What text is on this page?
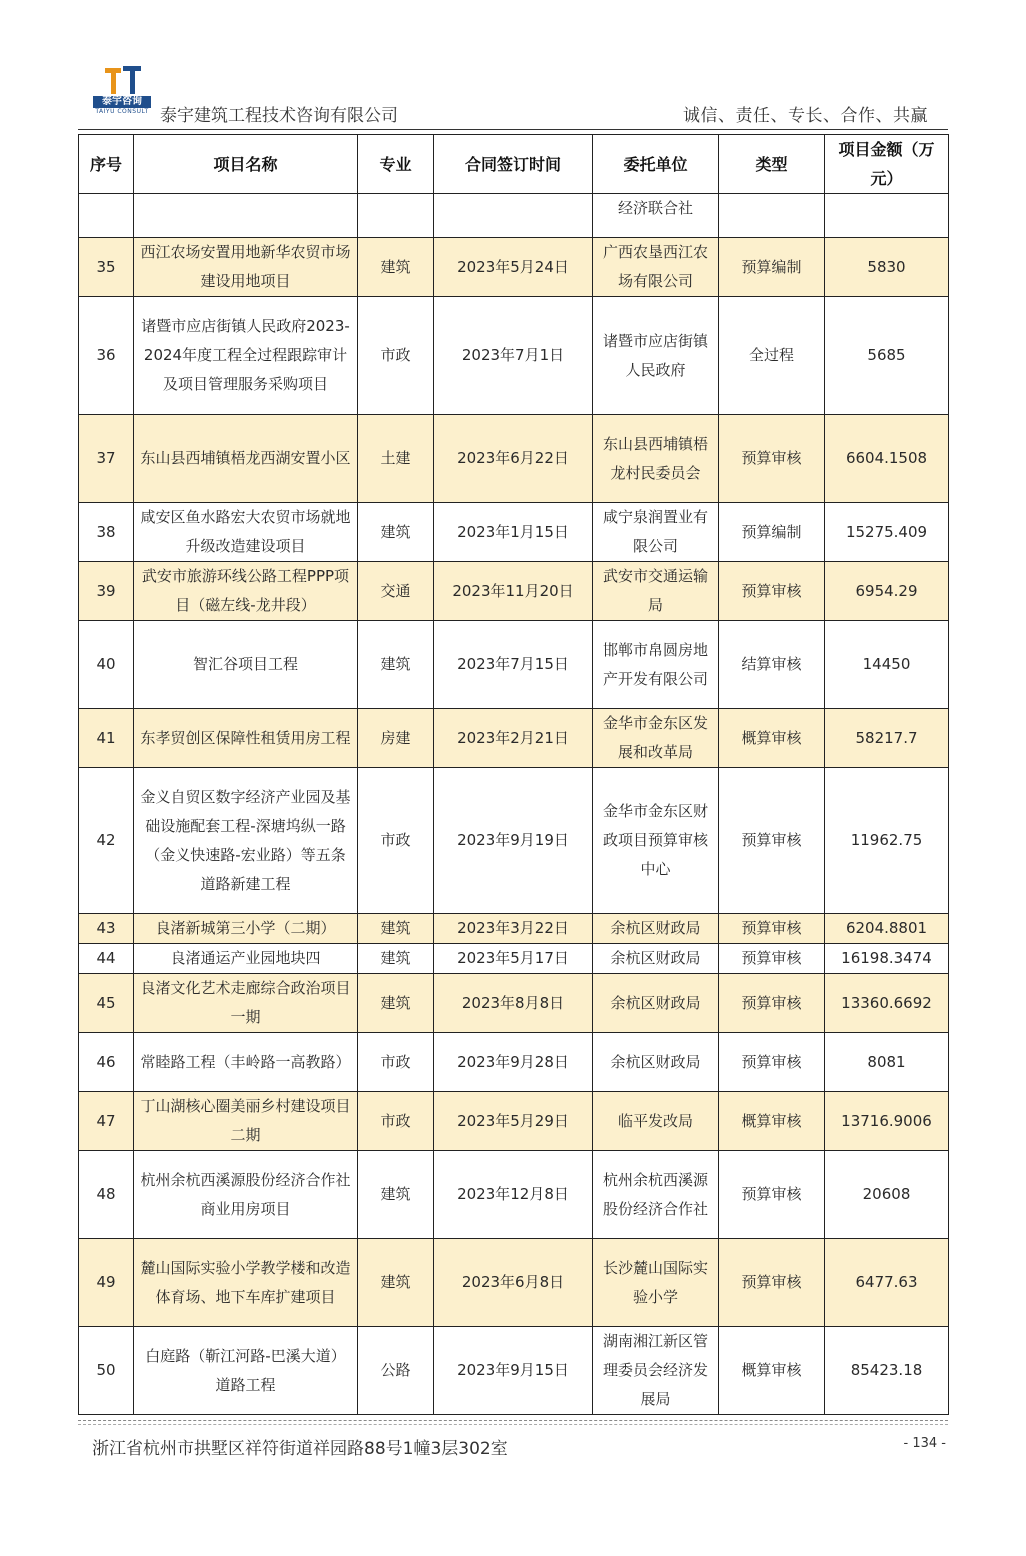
泰宇咨询
TAIYU CONSULT 泰宇建筑工程技术咨询有限公司	诚信、责任、专长、合作、共赢
序号	项目名称	专业	合同签订时间	委托单位	类型	项目金额（万元）
				经济联合社		
35	西江农场安置用地新华农贸市场建设用地项目	建筑	2023年5月24日	广西农垦西江农场有限公司	预算编制	5830
36	诸暨市应店街镇人民政府2023-2024年度工程全过程跟踪审计及项目管理服务采购项目	市政	2023年7月1日	诸暨市应店街镇人民政府	全过程	5685
37	东山县西埔镇梧龙西湖安置小区	土建	2023年6月22日	东山县西埔镇梧龙村民委员会	预算审核	6604.1508
38	咸安区鱼水路宏大农贸市场就地升级改造建设项目	建筑	2023年1月15日	咸宁泉润置业有限公司	预算编制	15275.409
39	武安市旅游环线公路工程PPP项目（磁左线-龙井段）	交通	2023年11月20日	武安市交通运输局	预算审核	6954.29
40	智汇谷项目工程	建筑	2023年7月15日	邯郸市帛圆房地产开发有限公司	结算审核	14450
41	东孝贸创区保障性租赁用房工程	房建	2023年2月21日	金华市金东区发展和改革局	概算审核	58217.7
42	金义自贸区数字经济产业园及基础设施配套工程-深塘坞纵一路（金义快速路-宏业路）等五条道路新建工程	市政	2023年9月19日	金华市金东区财政项目预算审核中心	预算审核	11962.75
43	良渚新城第三小学（二期）	建筑	2023年3月22日	余杭区财政局	预算审核	6204.8801
44	良渚通运产业园地块四	建筑	2023年5月17日	余杭区财政局	预算审核	16198.3474
45	良渚文化艺术走廊综合政治项目一期	建筑	2023年8月8日	余杭区财政局	预算审核	13360.6692
46	常睦路工程（丰岭路一高教路）	市政	2023年9月28日	余杭区财政局	预算审核	8081
47	丁山湖核心圈美丽乡村建设项目二期	市政	2023年5月29日	临平发改局	概算审核	13716.9006
48	杭州余杭西溪源股份经济合作社商业用房项目	建筑	2023年12月8日	杭州余杭西溪源股份经济合作社	预算审核	20608
49	麓山国际实验小学教学楼和改造体育场、地下车库扩建项目	建筑	2023年6月8日	长沙麓山国际实验小学	预算审核	6477.63
50	白庭路（靳江河路-巴溪大道）道路工程	公路	2023年9月15日	湖南湘江新区管理委员会经济发展局	概算审核	85423.18
浙江省杭州市拱墅区祥符街道祥园路88号1幢3层302室	- 134 -
